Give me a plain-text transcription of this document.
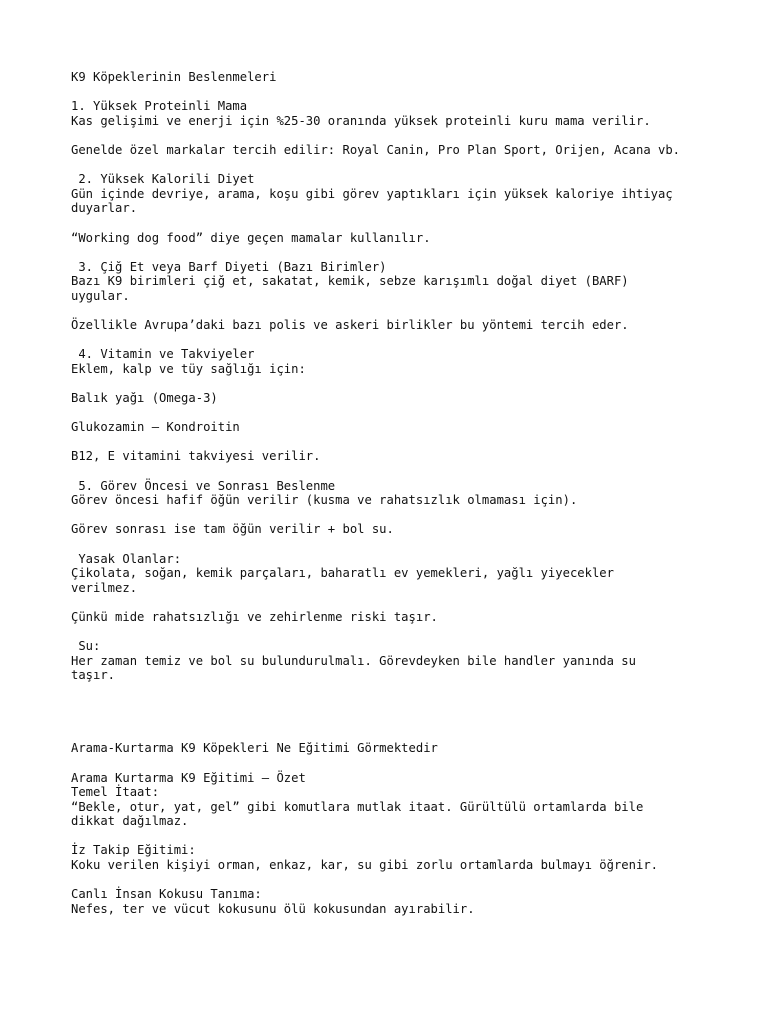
K9 Köpeklerinin Beslenmeleri
1. Yüksek Proteinli Mama
Kas gelişimi ve enerji için %25-30 oranında yüksek proteinli kuru mama verilir.
Genelde özel markalar tercih edilir: Royal Canin, Pro Plan Sport, Orijen, Acana vb.
2. Yüksek Kalorili Diyet
Gün içinde devriye, arama, koşu gibi görev yaptıkları için yüksek kaloriye ihtiyaç
duyarlar.
“Working dog food” diye geçen mamalar kullanılır.
3. Çiğ Et veya Barf Diyeti (Bazı Birimler)
Bazı K9 birimleri çiğ et, sakatat, kemik, sebze karışımlı doğal diyet (BARF)
uygular.
Özellikle Avrupa’daki bazı polis ve askeri birlikler bu yöntemi tercih eder.
4. Vitamin ve Takviyeler
Eklem, kalp ve tüy sağlığı için:
Balık yağı (Omega-3)
Glukozamin – Kondroitin
B12, E vitamini takviyesi verilir.
5. Görev Öncesi ve Sonrası Beslenme
Görev öncesi hafif öğün verilir (kusma ve rahatsızlık olmaması için).
Görev sonrası ise tam öğün verilir + bol su.
Yasak Olanlar:
Çikolata, soğan, kemik parçaları, baharatlı ev yemekleri, yağlı yiyecekler
verilmez.
Çünkü mide rahatsızlığı ve zehirlenme riski taşır.
Su:
Her zaman temiz ve bol su bulundurulmalı. Görevdeyken bile handler yanında su
taşır.
Arama-Kurtarma K9 Köpekleri Ne Eğitimi Görmektedir
Arama Kurtarma K9 Eğitimi – Özet
Temel İtaat:
“Bekle, otur, yat, gel” gibi komutlara mutlak itaat. Gürültülü ortamlarda bile
dikkat dağılmaz.
İz Takip Eğitimi:
Koku verilen kişiyi orman, enkaz, kar, su gibi zorlu ortamlarda bulmayı öğrenir.
Canlı İnsan Kokusu Tanıma:
Nefes, ter ve vücut kokusunu ölü kokusundan ayırabilir.
